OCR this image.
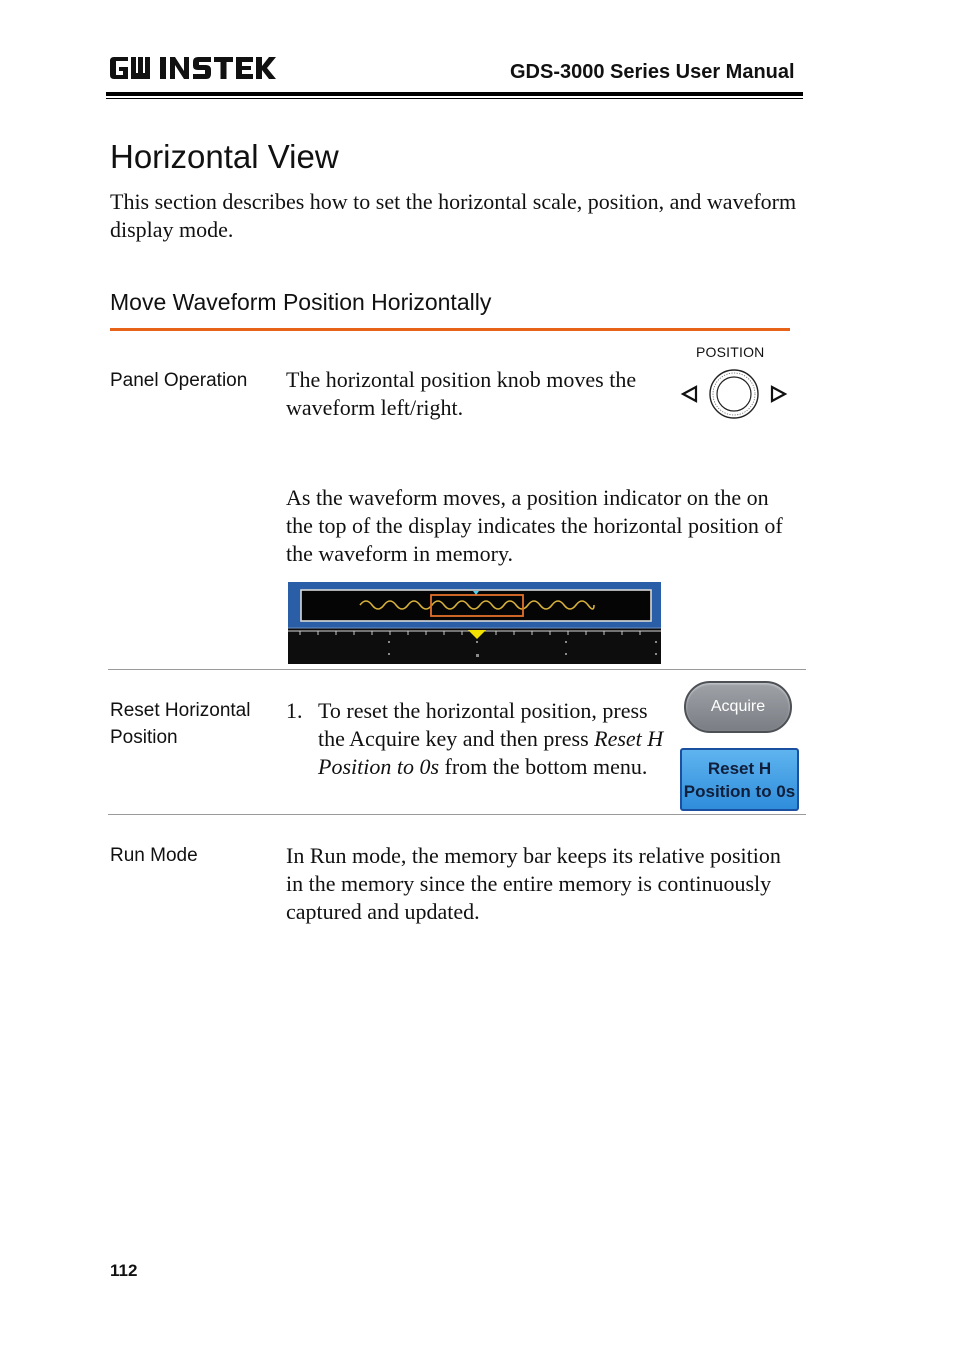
GDS-3000 Series User Manual
Horizontal View
This section describes how to set the horizontal scale, position, and waveform display mode.
Move Waveform Position Horizontally
Panel Operation The horizontal position knob moves the waveform left/right.
POSITION
As the waveform moves, a position indicator on the on the top of the display indicates the horizontal position of the waveform in memory.
Reset Horizontal Position
1. To reset the horizontal position, press the Acquire key and then press Reset H Position to 0s from the bottom menu.
Acquire
Reset H
Position to 0s
Run Mode	In Run mode, the memory bar keeps its relative position in the memory since the entire memory is continuously captured and updated.
112
